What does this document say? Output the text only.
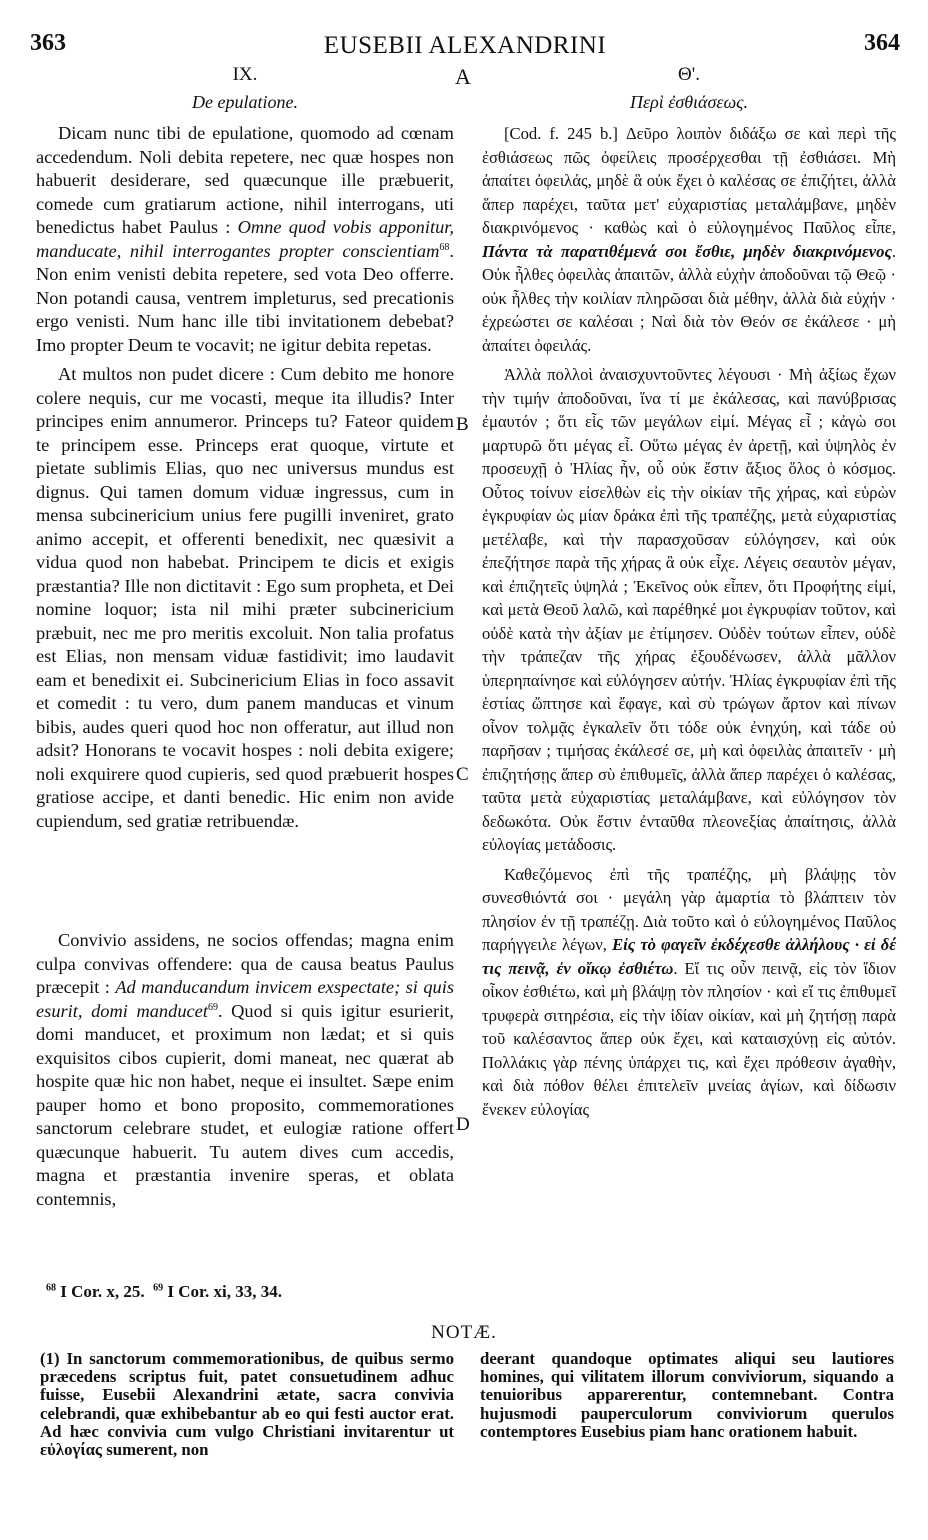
363	EUSEBII ALEXANDRINI	364
A
B
C
D
IX.
De epulatione.

Dicam nunc tibi de epulatione, quomodo ad cœnam accedendum. Noli debita repetere, nec quæ hospes non habuerit desiderare, sed quæcunque ille præbuerit, comede cum gratiarum actione, nihil interrogans, uti benedictus habet Paulus : Omne quod vobis apponitur, manducate, nihil interrogantes propter conscientiam$^{68}$. Non enim venisti debita repetere, sed vota Deo offerre. Non potandi causa, ventrem impleturus, sed precationis ergo venisti. Num hanc ille tibi invitationem debebat? Imo propter Deum te vocavit; ne igitur debita repetas.

At multos non pudet dicere : Cum debito me honore colere nequis, cur me vocasti, meque ita illudis? Inter principes enim annumeror. Princeps tu? Fateor quidem te principem esse. Princeps erat quoque, virtute et pietate sublimis Elias, quo nec universus mundus est dignus. Qui tamen domum viduæ ingressus, cum in mensa subcinericium unius fere pugilli inveniret, grato animo accepit, et offerenti benedixit, nec quæsivit a vidua quod non habebat. Principem te dicis et exigis præstantia? Ille non dictitavit : Ego sum propheta, et Dei nomine loquor; ista nil mihi præter subcinericium præbuit, nec me pro meritis excoluit. Non talia profatus est Elias, non mensam viduæ fastidivit; imo laudavit eam et benedixit ei. Subcinericium Elias in foco assavit et comedit : tu vero, dum panem manducas et vinum bibis, audes queri quod hoc non offeratur, aut illud non adsit? Honorans te vocavit hospes : noli debita exigere; noli exquirere quod cupieris, sed quod præbuerit hospes gratiose accipe, et danti benedic. Hic enim non avide cupiendum, sed gratiæ retribuendæ.

Convivio assidens, ne socios offendas; magna enim culpa convivas offendere: qua de causa beatus Paulus præcepit : Ad manducandum invicem exspectate; si quis esurit, domi manducet$^{69}$. Quod si quis igitur esurierit, domi manducet, et proximum non lædat; et si quis exquisitos cibos cupierit, domi maneat, nec quærat ab hospite quæ hic non habet, neque ei insultet. Sæpe enim pauper homo et bono proposito, commemorationes sanctorum celebrare studet, et eulogiæ ratione offert quæcunque habuerit. Tu autem dives cum accedis, magna et præstantia invenire speras, et oblata contemnis,

Θ'.
Περὶ ἐσθιάσεως.

[Cod. f. 245 b.] Δεῦρο λοιπὸν διδάξω σε καὶ περὶ τῆς ἐσθιάσεως πῶς ὀφείλεις προσέρχεσθαι τῇ ἐσθιάσει. Μὴ ἀπαίτει ὀφειλάς, μηδὲ ἃ οὐκ ἔχει ὁ καλέσας σε ἐπιζήτει, ἀλλὰ ἅπερ παρέχει, ταῦτα μετ' εὐχαριστίας μεταλάμβανε, μηδὲν διακρινόμενος · καθὼς καὶ ὁ εὐλογημένος Παῦλος εἶπε, Πάντα τὰ παρατιθέμενά σοι ἔσθιε, μηδὲν διακρινόμενος. Οὐκ ἦλθες ὀφειλὰς ἀπαιτῶν, ἀλλὰ εὐχὴν ἀποδοῦναι τῷ Θεῷ · οὐκ ἦλθες τὴν κοιλίαν πληρῶσαι διὰ μέθην, ἀλλὰ διὰ εὐχήν · ἐχρεώστει σε καλέσαι ; Ναὶ διὰ τὸν Θεόν σε ἐκάλεσε · μὴ ἀπαίτει ὀφειλάς.

Ἀλλὰ πολλοὶ ἀναισχυντοῦντες λέγουσι · Μὴ ἀξίως ἔχων τὴν τιμήν ἀποδοῦναι, ἵνα τί με ἐκάλεσας, καὶ πανύβρισας ἐμαυτόν ; ὅτι εἷς τῶν μεγάλων εἰμί. Μέγας εἶ ; κἀγὼ σοι μαρτυρῶ ὅτι μέγας εἶ. Οὕτω μέγας ἐν ἀρετῇ, καὶ ὑψηλὸς ἐν προσευχῇ ὁ Ἠλίας ἦν, οὗ οὐκ ἔστιν ἄξιος ὅλος ὁ κόσμος. Οὗτος τοίνυν εἰσελθὼν εἰς τὴν οἰκίαν τῆς χήρας, καὶ εὑρὼν ἐγκρυφίαν ὡς μίαν δράκα ἐπὶ τῆς τραπέζης, μετὰ εὐχαριστίας μετέλαβε, καὶ τὴν παρασχοῦσαν εὐλόγησεν, καὶ οὐκ ἐπεζήτησε παρὰ τῆς χήρας ἃ οὐκ εἶχε. Λέγεις σεαυτὸν μέγαν, καὶ ἐπιζητεῖς ὑψηλά ; Ἐκεῖνος οὐκ εἶπεν, ὅτι Προφήτης εἰμί, καὶ μετὰ Θεοῦ λαλῶ, καὶ παρέθηκέ μοι ἐγκρυφίαν τοῦτον, καὶ οὐδὲ κατὰ τὴν ἀξίαν με ἐτίμησεν. Οὐδὲν τούτων εἶπεν, οὐδὲ τὴν τράπεζαν τῆς χήρας ἐξουδένωσεν, ἀλλὰ μᾶλλον ὑπερηπαίνησε καὶ εὐλόγησεν αὐτήν. Ἠλίας ἐγκρυφίαν ἐπὶ τῆς ἑστίας ὤπτησε καὶ ἔφαγε, καὶ σὺ τρώγων ἄρτον καὶ πίνων οἶνον τολμᾷς ἐγκαλεῖν ὅτι τόδε οὐκ ἐνηχύη, καὶ τάδε οὐ παρῆσαν ; τιμήσας ἐκάλεσέ σε, μὴ καὶ ὀφειλὰς ἀπαιτεῖν · μὴ ἐπιζητήσῃς ἅπερ σὺ ἐπιθυμεῖς, ἀλλὰ ἅπερ παρέχει ὁ καλέσας, ταῦτα μετὰ εὐχαριστίας μεταλάμβανε, καὶ εὐλόγησον τὸν δεδωκότα. Οὐκ ἔστιν ἐνταῦθα πλεονεξίας ἀπαίτησις, ἀλλὰ εὐλογίας μετάδοσις.

Καθεζόμενος ἐπὶ τῆς τραπέζης, μὴ βλάψῃς τὸν συνεσθιόντά σοι · μεγάλη γὰρ ἁμαρτία τὸ βλάπτειν τὸν πλησίον ἐν τῇ τραπέζῃ. Διὰ τοῦτο καὶ ὁ εὐλογημένος Παῦλος παρήγγειλε λέγων, Εἰς τὸ φαγεῖν ἐκδέχεσθε ἀλλήλους · εἰ δέ τις πεινᾷ, ἐν οἴκῳ ἐσθιέτω. Εἴ τις οὖν πεινᾷ, εἰς τὸν ἴδιον οἶκον ἐσθιέτω, καὶ μὴ βλάψῃ τὸν πλησίον · καὶ εἴ τις ἐπιθυμεῖ τρυφερὰ σιτηρέσια, εἰς τὴν ἰδίαν οἰκίαν, καὶ μὴ ζητήσῃ παρὰ τοῦ καλέσαντος ἅπερ οὐκ ἔχει, καὶ καταισχύνῃ εἰς αὐτόν. Πολλάκις γὰρ πένης ὑπάρχει τις, καὶ ἔχει πρόθεσιν ἀγαθὴν, καὶ διὰ πόθον θέλει ἐπιτελεῖν μνείας ἁγίων, καὶ δίδωσιν ἕνεκεν εὐλογίας

$^{68}$ I Cor. x, 25. $^{69}$ I Cor. xi, 33, 34.
NOTÆ.

(1) In sanctorum commemorationibus, de quibus sermo præcedens scriptus fuit, patet consuetudinem adhuc fuisse, Eusebii Alexandrini ætate, sacra convivia celebrandi, quæ exhibebantur ab eo qui festi auctor erat. Ad hæc convivia cum vulgo Christiani invitarentur ut εὐλογίας sumerent, non

deerant quandoque optimates aliqui seu lautiores homines, qui vilitatem illorum conviviorum, siquando a tenuioribus apparerentur, contemnebant. Contra hujusmodi pauperculorum conviviorum querulos contemptores Eusebius piam hanc orationem habuit.
